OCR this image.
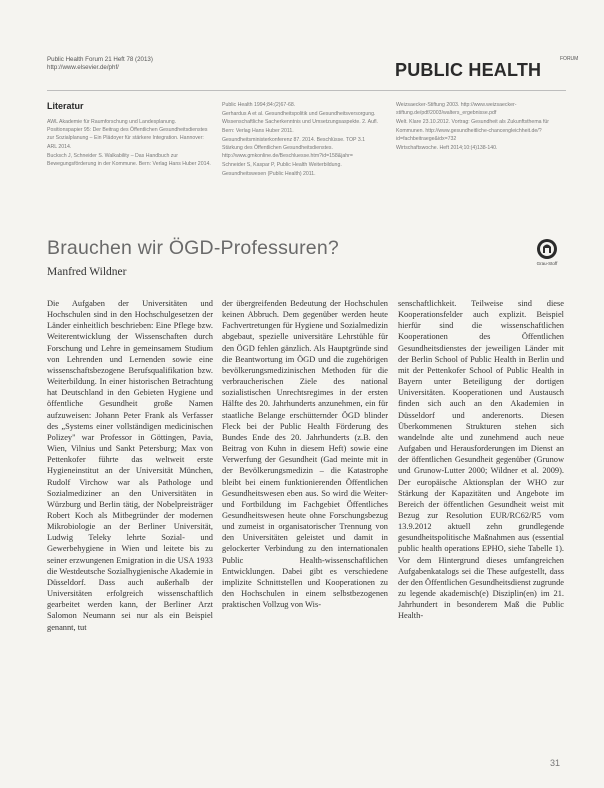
Public Health Forum 21 Heft 78 (2013)
http://www.elsevier.de/phf/
FORUM
PUBLIC HEALTH
Literatur
AWL Akademie für Raumforschung und Landesplanung. Positionspapier 95: Der Beitrag des Öffentlichen Gesundheitsdienstes zur Sozialplanung – Ein Plädoyer für stärkere Integration. Hannover: ARL 2014.
Bucksch J, Schneider S. Walkability – Das Handbuch zur Bewegungsförderung in der Kommune. Bern: Verlag Hans Huber 2014.
Public Health 1994;84:(2)67-68.
Gerhardus A et al. Gesundheitspolitik und Gesundheitsversorgung. Wissenschaftliche Sacherkenntnis und Umsetzungsaspekte. 2. Aufl. Bern: Verlag Hans Huber 2011.
Gesundheitsministerkonferenz 87. 2014. Beschlüsse. TOP 3.1 Stärkung des Öffentlichen Gesundheitsdienstes. http://www.gmkonline.de/Beschluesse.htm?id=158&jahr=
Schneider S, Kaspar P, Public Health Weiterbildung. Gesundheitswesen (Public Health) 2011.
Weizsaecker-Stiftung 2003. http://www.weizsaecker-stiftung.de/pdf/2003/walters_ergebnisse.pdf
Welt. Klare 23.10.2012. Vortrag: Gesundheit als Zukunftsthema für Kommunen. http://www.gesundheitliche-chancengleichheit.de/?id=fachbeitraege&idx=732
Wirtschaftswoche. Heft 2014;10:(4)138-140.
Brauchen wir ÖGD-Professuren?
Manfred Wildner
Grau-Stoff

Die Aufgaben der Universitäten und Hochschulen sind in den Hochschulgesetzen der Länder einheitlich beschrieben: Eine Pflege bzw. Weiterentwicklung der Wissenschaften durch Forschung und Lehre in gemeinsamem Studium von Lehrenden und Lernenden sowie eine wissenschaftsbezogene Berufsqualifikation bzw. Weiterbildung. In einer historischen Betrachtung hat Deutschland in den Gebieten Hygiene und öffentliche Gesundheit große Namen aufzuweisen: Johann Peter Frank als Verfasser des „Systems einer vollständigen medicinischen Polizey" war Professor in Göttingen, Pavia, Wien, Vilnius und Sankt Petersburg; Max von Pettenkofer führte das weltweit erste Hygieneinstitut an der Universität München, Rudolf Virchow war als Pathologe und Sozialmediziner an den Universitäten in Würzburg und Berlin tätig, der Nobelpreisträger Robert Koch als Mitbegründer der modernen Mikrobiologie an der Berliner Universität, Ludwig Teleky lehrte Sozial- und Gewerbehygiene in Wien und leitete bis zu seiner erzwungenen Emigration in die USA 1933 die Westdeutsche Sozialhygienische Akademie in Düsseldorf. Dass auch außerhalb der Universitäten erfolgreich wissenschaftlich gearbeitet werden kann, der Berliner Arzt Salomon Neumann sei nur als ein Beispiel genannt, tut

der übergreifenden Bedeutung der Hochschulen keinen Abbruch. Dem gegenüber werden heute Fachvertretungen für Hygiene und Sozialmedizin abgebaut, spezielle universitäre Lehrstühle für den ÖGD fehlen gänzlich. Als Hauptgründe sind die Beantwortung im ÖGD und die zugehörigen bevölkerungsmedizinischen Methoden für die verbraucherischen Ziele des national sozialistischen Unrechtsregimes in der ersten Hälfte des 20. Jahrhunderts anzunehmen, ein für staatliche Belange erschütternder ÖGD blinder Fleck bei der Public Health Förderung des Bundes Ende des 20. Jahrhunderts (z.B. den Beitrag von Kuhn in diesem Heft) sowie eine Verwerfung der Gesundheit (Gad meinte mit in der Bevölkerungsmedizin – die Katastrophe bleibt bei einem funktionierenden Öffentlichen Gesundheitswesen eben aus. So wird die Weiter- und Fortbildung im Fachgebiet Öffentliches Gesundheitswesen heute ohne Forschungsbezug und zumeist in organisatorischer Trennung von den Universitäten geleistet und damit in gelockerter Verbindung zu den internationalen Public Health-wissenschaftlichen Entwicklungen. Dabei gibt es verschiedene implizite Schnittstellen und Kooperationen zu den Hochschulen in einem selbstbezogenen praktischen Vollzug von Wis-

senschaftlichkeit. Teilweise sind diese Kooperationsfelder auch explizit. Beispiel hierfür sind die wissenschaftlichen Kooperationen des Öffentlichen Gesundheitsdienstes der jeweiligen Länder mit der Berlin School of Public Health in Berlin und mit der Pettenkofer School of Public Health in Bayern unter Beteiligung der dortigen Universitäten. Kooperationen und Austausch finden sich auch an den Akademien in Düsseldorf und anderenorts. Diesen Überkommenen Strukturen stehen sich wandelnde alte und zunehmend auch neue Aufgaben und Herausforderungen im Dienst an der öffentlichen Gesundheit gegenüber (Grunow und Grunow-Lutter 2000; Wildner et al. 2009). Der europäische Aktionsplan der WHO zur Stärkung der Kapazitäten und Angebote im Bereich der öffentlichen Gesundheit weist mit Bezug zur Resolution EUR/RC62/R5 vom 13.9.2012 aktuell zehn grundlegende gesundheitspolitische Maßnahmen aus (essential public health operations EPHO, siehe Tabelle 1). Vor dem Hintergrund dieses umfangreichen Aufgabenkatalogs sei die These aufgestellt, dass der den Öffentlichen Gesundheitsdienst zugrunde zu legende akademisch(e) Disziplin(en) im 21. Jahrhundert in besonderem Maß die Public Health-

31
